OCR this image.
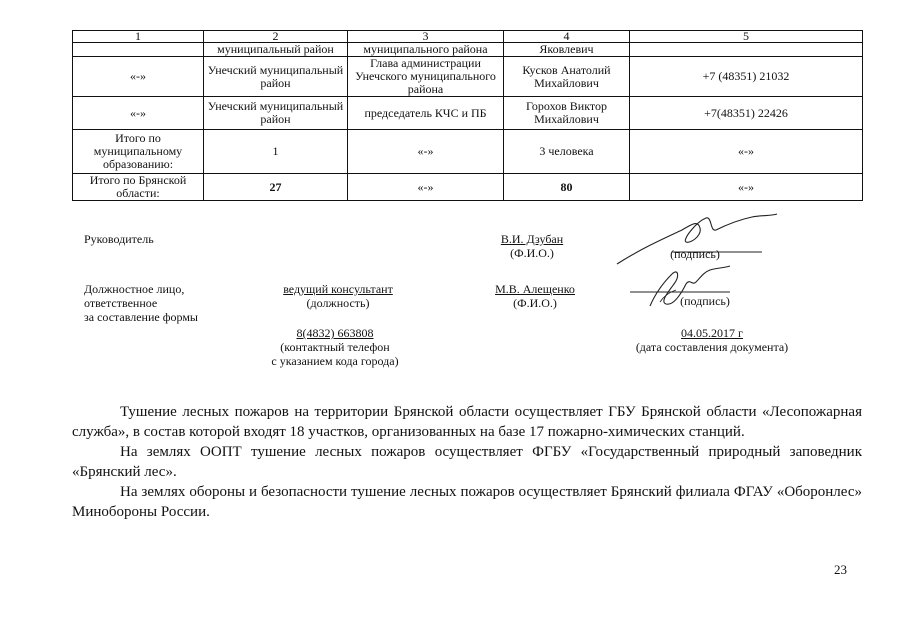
1	2	3	4	5
	муниципальный район	муниципального района	Яковлевич	
«-»	Унечский муниципальный район	Глава администрации Унечского муниципального района	Кусков Анатолий Михайлович	+7 (48351) 21032
«-»	Унечский муниципальный район	председатель КЧС и ПБ	Горохов Виктор Михайлович	+7(48351) 22426
Итого по муниципальному образованию:	1	«-»	3 человека	«-»
Итого по Брянской области:	27	«-»	80	«-»
Руководитель	В.И. Дзубан
(Ф.И.О.)	(подпись)
Должностное лицо,
ответственное
за составление формы
ведущий консультант
(должность)
М.В. Алещенко
(Ф.И.О.)	(подпись)
8(4832) 663808
(контактный телефон
с указанием кода города)
04.05.2017 г
(дата составления документа)

Тушение лесных пожаров на территории Брянской области осуществляет ГБУ Брянской области «Лесопожарная служба», в состав которой входят 18 участков, организованных на базе 17 пожарно-химических станций.

На землях ООПТ тушение лесных пожаров осуществляет ФГБУ «Государственный природный заповедник «Брянский лес».

На землях обороны и безопасности тушение лесных пожаров осуществляет Брянский филиала ФГАУ «Оборонлес» Минобороны России.

23
